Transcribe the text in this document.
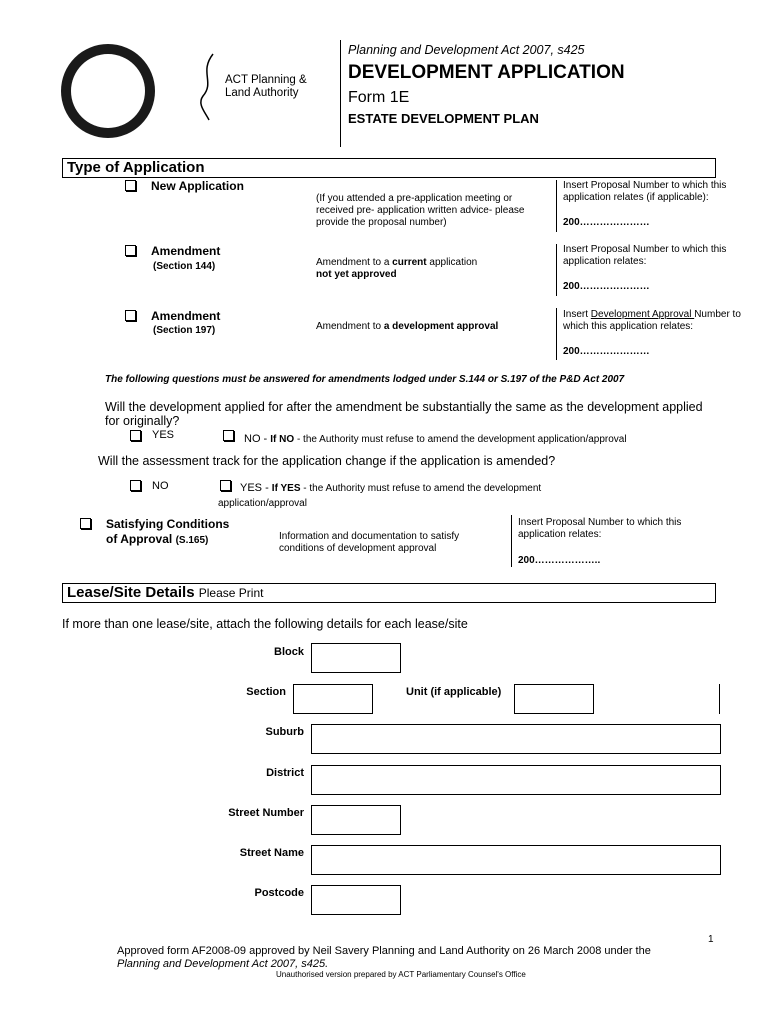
ACT Planning &
Land Authority
Planning and Development Act 2007, s425
DEVELOPMENT APPLICATION
Form 1E
ESTATE DEVELOPMENT PLAN
Type of Application
New Application
(If you attended a pre-application meeting or received pre- application written advice- please provide the proposal number)
Insert Proposal Number to which this application relates (if applicable):
200…………………
Amendment
(Section 144)	Amendment to a current application
not yet approved
Insert Proposal Number to which this application relates:
200…………………
Amendment
(Section 197)	Amendment to a development approval
Insert Development Approval Number to which this application relates:
200…………………
The following questions must be answered for amendments lodged under S.144 or S.197 of the P&D Act 2007
Will the development applied for after the amendment be substantially the same as the development applied for originally?
YES	NO - If NO - the Authority must refuse to amend the development application/approval
Will the assessment track for the application change if the application is amended?
NO	YES - If YES - the Authority must refuse to amend the development application/approval
Satisfying Conditions
of Approval (S.165)	Information and documentation to satisfy conditions of development approval
Insert Proposal Number to which this application relates:
200………………..
Lease/Site Details Please Print
If more than one lease/site, attach the following details for each lease/site
Block
Section	Unit (if applicable)
Suburb
District
Street Number
Street Name
Postcode
1
Approved form AF2008-09 approved by Neil Savery Planning and Land Authority on 26 March 2008 under the
Planning and Development Act 2007, s425.
Unauthorised version prepared by ACT Parliamentary Counsel's Office
